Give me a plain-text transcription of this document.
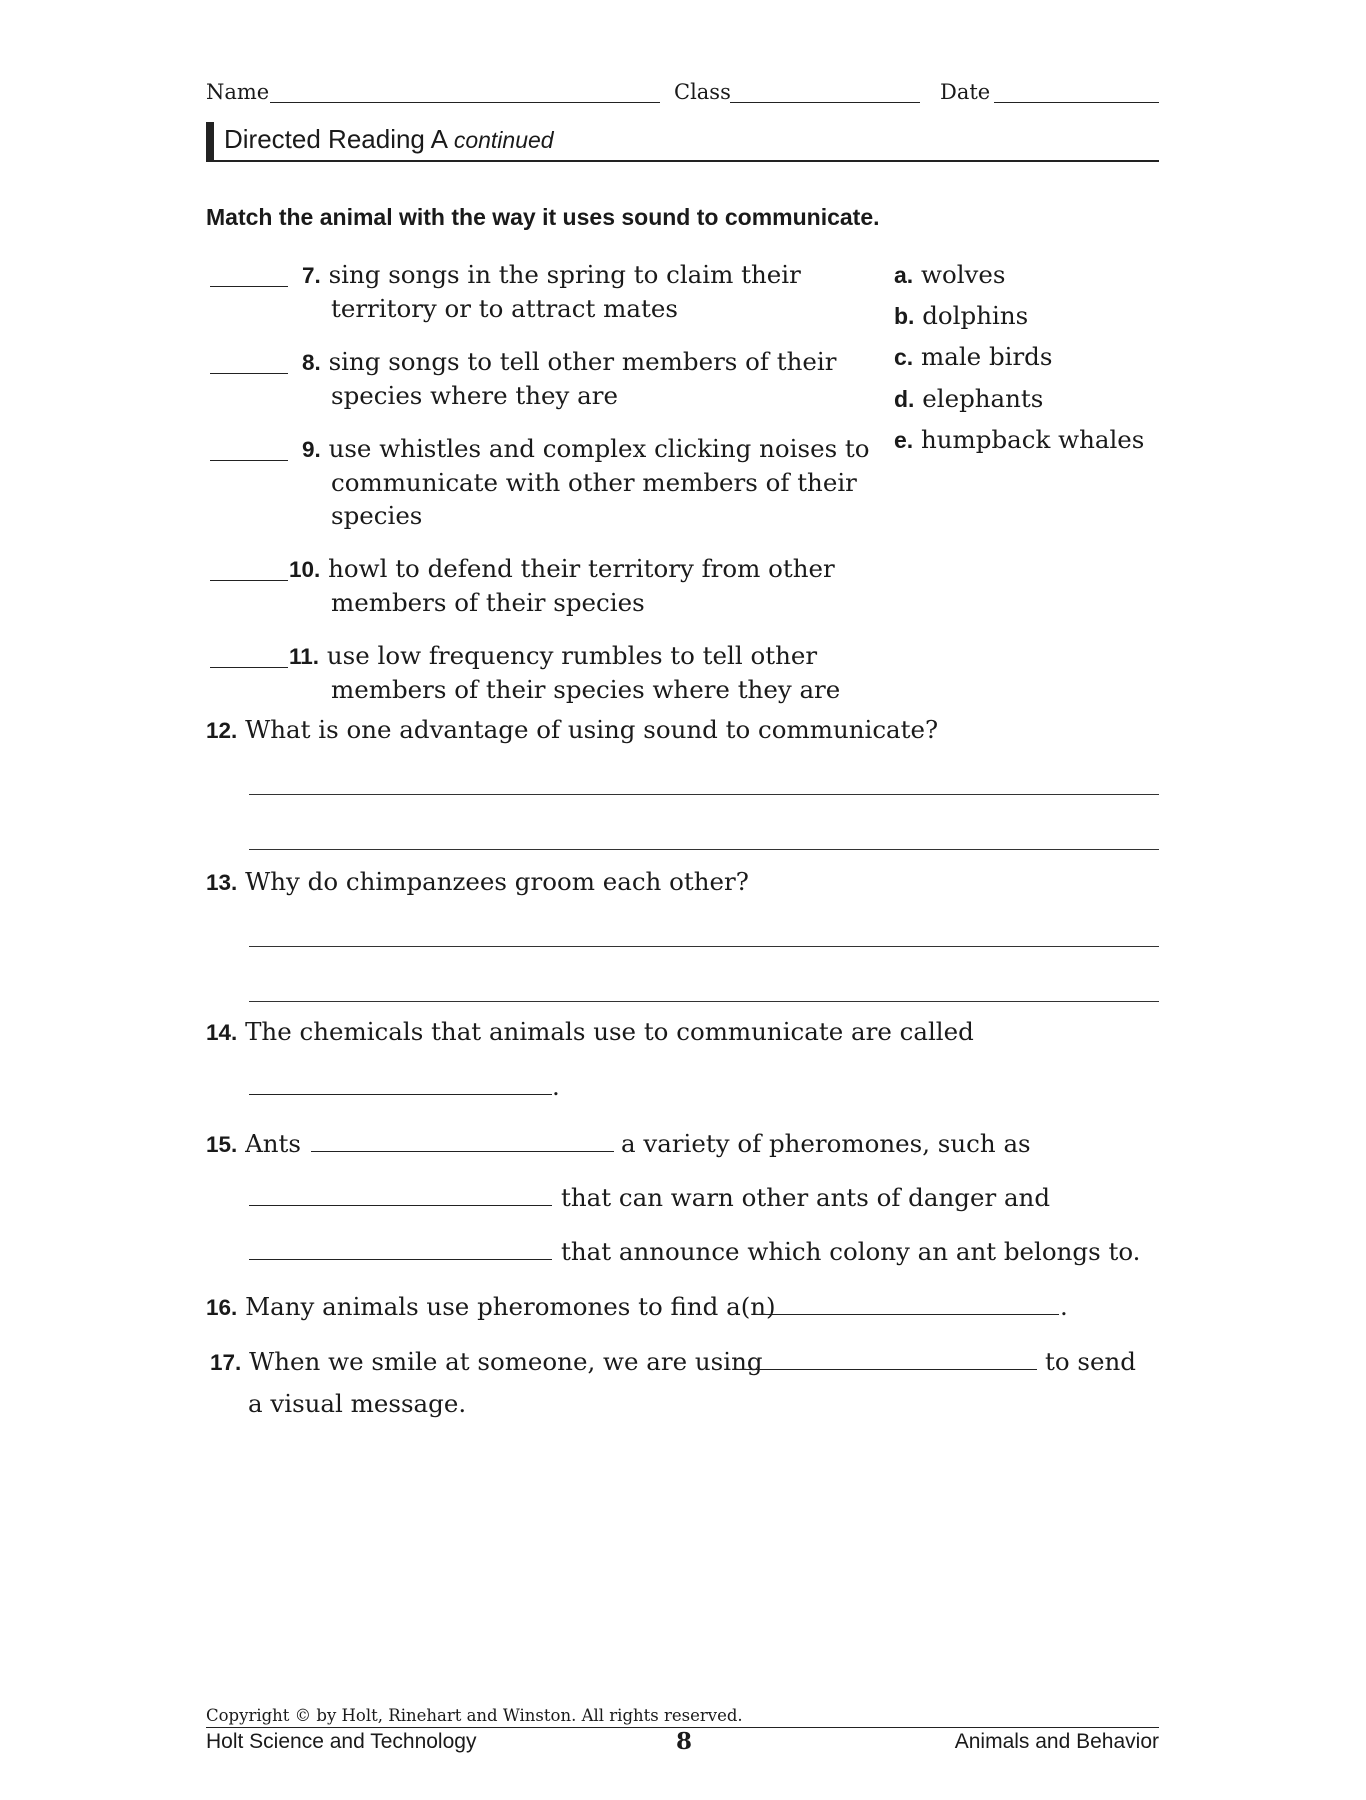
Name	Class	Date
Directed Reading A continued
Match the animal with the way it uses sound to communicate.
7. sing songs in the spring to claim their
territory or to attract mates
8. sing songs to tell other members of their
species where they are
9. use whistles and complex clicking noises to
communicate with other members of their
species
10. howl to defend their territory from other
members of their species
11. use low frequency rumbles to tell other
members of their species where they are
a. wolves
b. dolphins
c. male birds
d. elephants
e. humpback whales
12. What is one advantage of using sound to communicate?
13. Why do chimpanzees groom each other?
14. The chemicals that animals use to communicate are called
.
15. Ants	a variety of pheromones, such as
that can warn other ants of danger and
that announce which colony an ant belongs to.
16. Many animals use pheromones to find a(n)	.
17. When we smile at someone, we are using	to send
a visual message.
Copyright © by Holt, Rinehart and Winston. All rights reserved.
Holt Science and Technology	8	Animals and Behavior
